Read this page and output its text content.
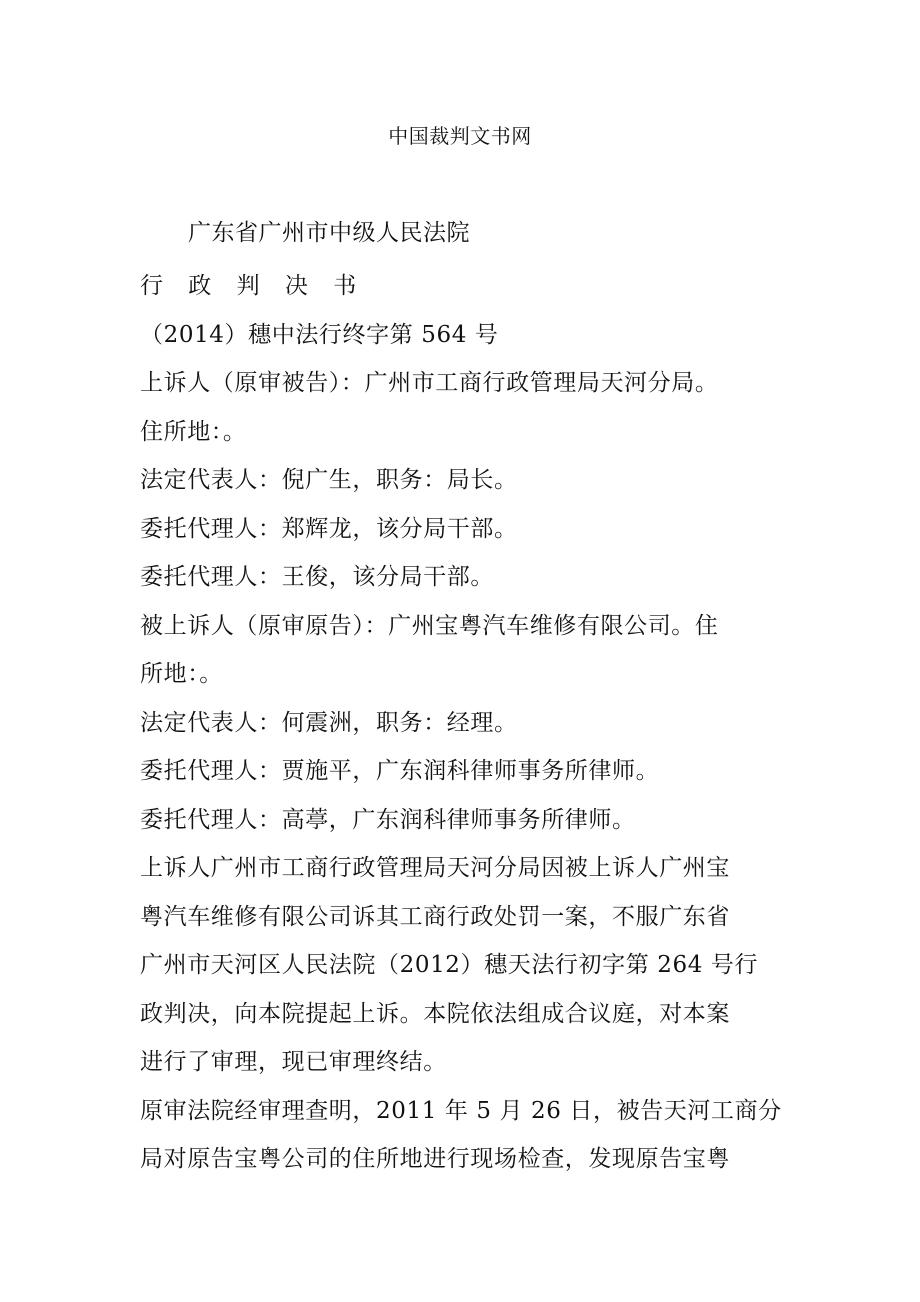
中国裁判文书网
广东省广州市中级人民法院

行 政 判 决 书

（2014）穗中法行终字第 564 号

上诉人（原审被告）：广州市工商行政管理局天河分局。

住所地：。

法定代表人：倪广生，职务：局长。

委托代理人：郑辉龙，该分局干部。

委托代理人：王俊，该分局干部。

被上诉人（原审原告）：广州宝粤汽车维修有限公司。住

所地：。

法定代表人：何震洲，职务：经理。

委托代理人：贾施平，广东润科律师事务所律师。

委托代理人：高葶，广东润科律师事务所律师。

上诉人广州市工商行政管理局天河分局因被上诉人广州宝

粤汽车维修有限公司诉其工商行政处罚一案，不服广东省

广州市天河区人民法院（2012）穗天法行初字第 264 号行

政判决，向本院提起上诉。本院依法组成合议庭，对本案

进行了审理，现已审理终结。

原审法院经审理查明，2011 年 5 月 26 日，被告天河工商分

局对原告宝粤公司的住所地进行现场检查，发现原告宝粤
